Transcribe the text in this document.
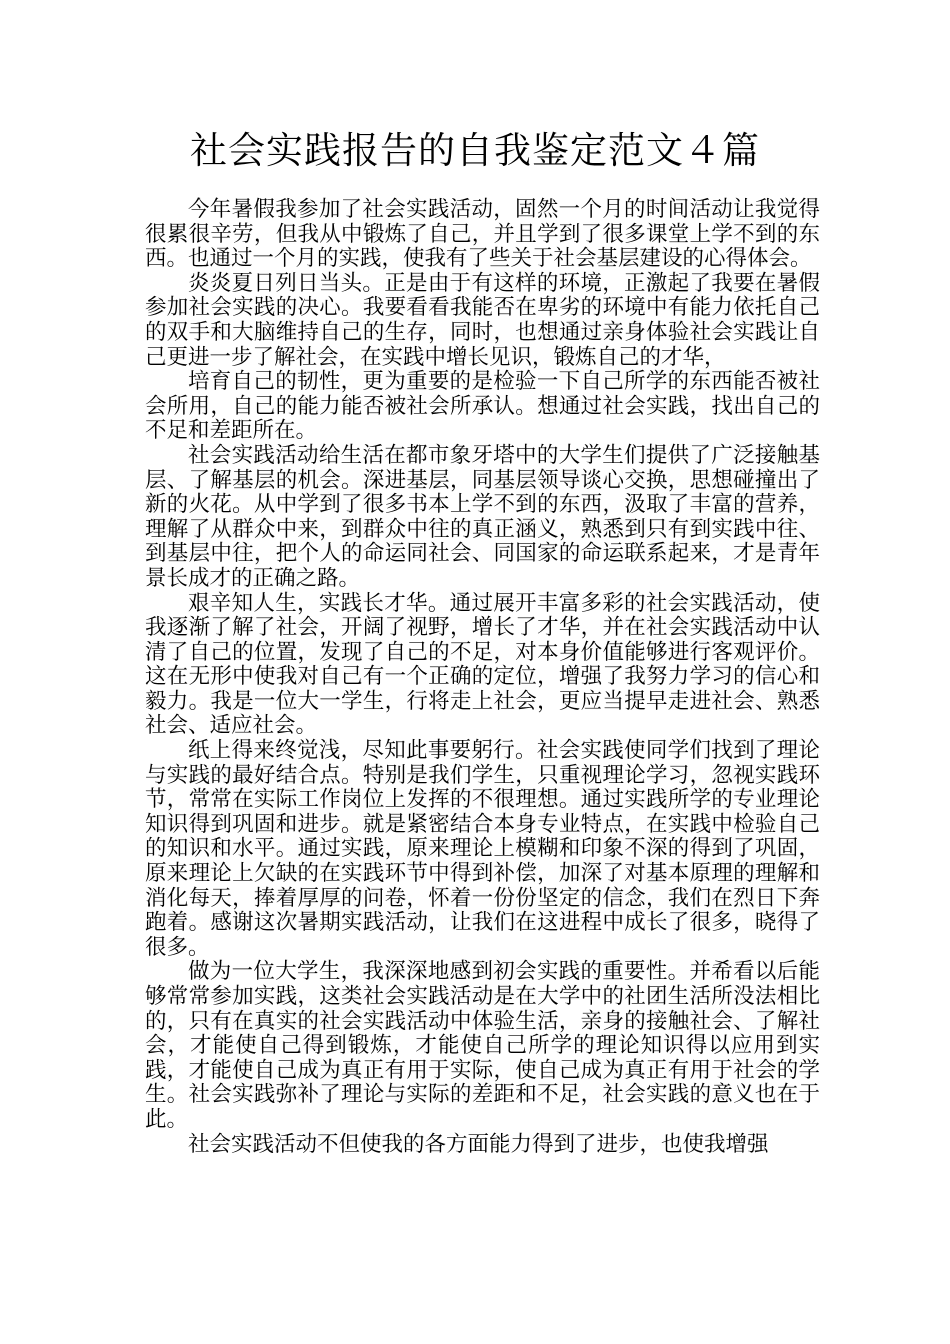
社会实践报告的自我鉴定范文４篇

今年暑假我参加了社会实践活动，固然一个月的时间活动让我觉得很累很辛劳，但我从中锻炼了自己，并且学到了很多课堂上学不到的东西。也通过一个月的实践，使我有了些关于社会基层建设的心得体会。

炎炎夏日列日当头。正是由于有这样的环境，正激起了我要在暑假参加社会实践的决心。我要看看我能否在卑劣的环境中有能力依托自己的双手和大脑维持自己的生存，同时，也想通过亲身体验社会实践让自己更进一步了解社会，在实践中增长见识，锻炼自己的才华，

培育自己的韧性，更为重要的是检验一下自己所学的东西能否被社会所用，自己的能力能否被社会所承认。想通过社会实践，找出自己的不足和差距所在。

社会实践活动给生活在都市象牙塔中的大学生们提供了广泛接触基层、了解基层的机会。深进基层，同基层领导谈心交换，思想碰撞出了新的火花。从中学到了很多书本上学不到的东西，汲取了丰富的营养，理解了从群众中来，到群众中往的真正涵义，熟悉到只有到实践中往、到基层中往，把个人的命运同社会、同国家的命运联系起来，才是青年景长成才的正确之路。

艰辛知人生，实践长才华。通过展开丰富多彩的社会实践活动，使我逐渐了解了社会，开阔了视野，增长了才华，并在社会实践活动中认清了自己的位置，发现了自己的不足，对本身价值能够进行客观评价。这在无形中使我对自己有一个正确的定位，增强了我努力学习的信心和毅力。我是一位大一学生，行将走上社会，更应当提早走进社会、熟悉社会、适应社会。

纸上得来终觉浅，尽知此事要躬行。社会实践使同学们找到了理论与实践的最好结合点。特别是我们学生，只重视理论学习，忽视实践环节，常常在实际工作岗位上发挥的不很理想。通过实践所学的专业理论知识得到巩固和进步。就是紧密结合本身专业特点，在实践中检验自己的知识和水平。通过实践，原来理论上模糊和印象不深的得到了巩固，原来理论上欠缺的在实践环节中得到补偿，加深了对基本原理的理解和消化每天，捧着厚厚的问卷，怀着一份份坚定的信念，我们在烈日下奔跑着。感谢这次暑期实践活动，让我们在这进程中成长了很多，晓得了很多。

做为一位大学生，我深深地感到初会实践的重要性。并希看以后能够常常参加实践，这类社会实践活动是在大学中的社团生活所没法相比的，只有在真实的社会实践活动中体验生活，亲身的接触社会、了解社会，才能使自己得到锻炼，才能使自己所学的理论知识得以应用到实践，才能使自己成为真正有用于实际，使自己成为真正有用于社会的学生。社会实践弥补了理论与实际的差距和不足，社会实践的意义也在于此。

社会实践活动不但使我的各方面能力得到了进步，也使我增强
